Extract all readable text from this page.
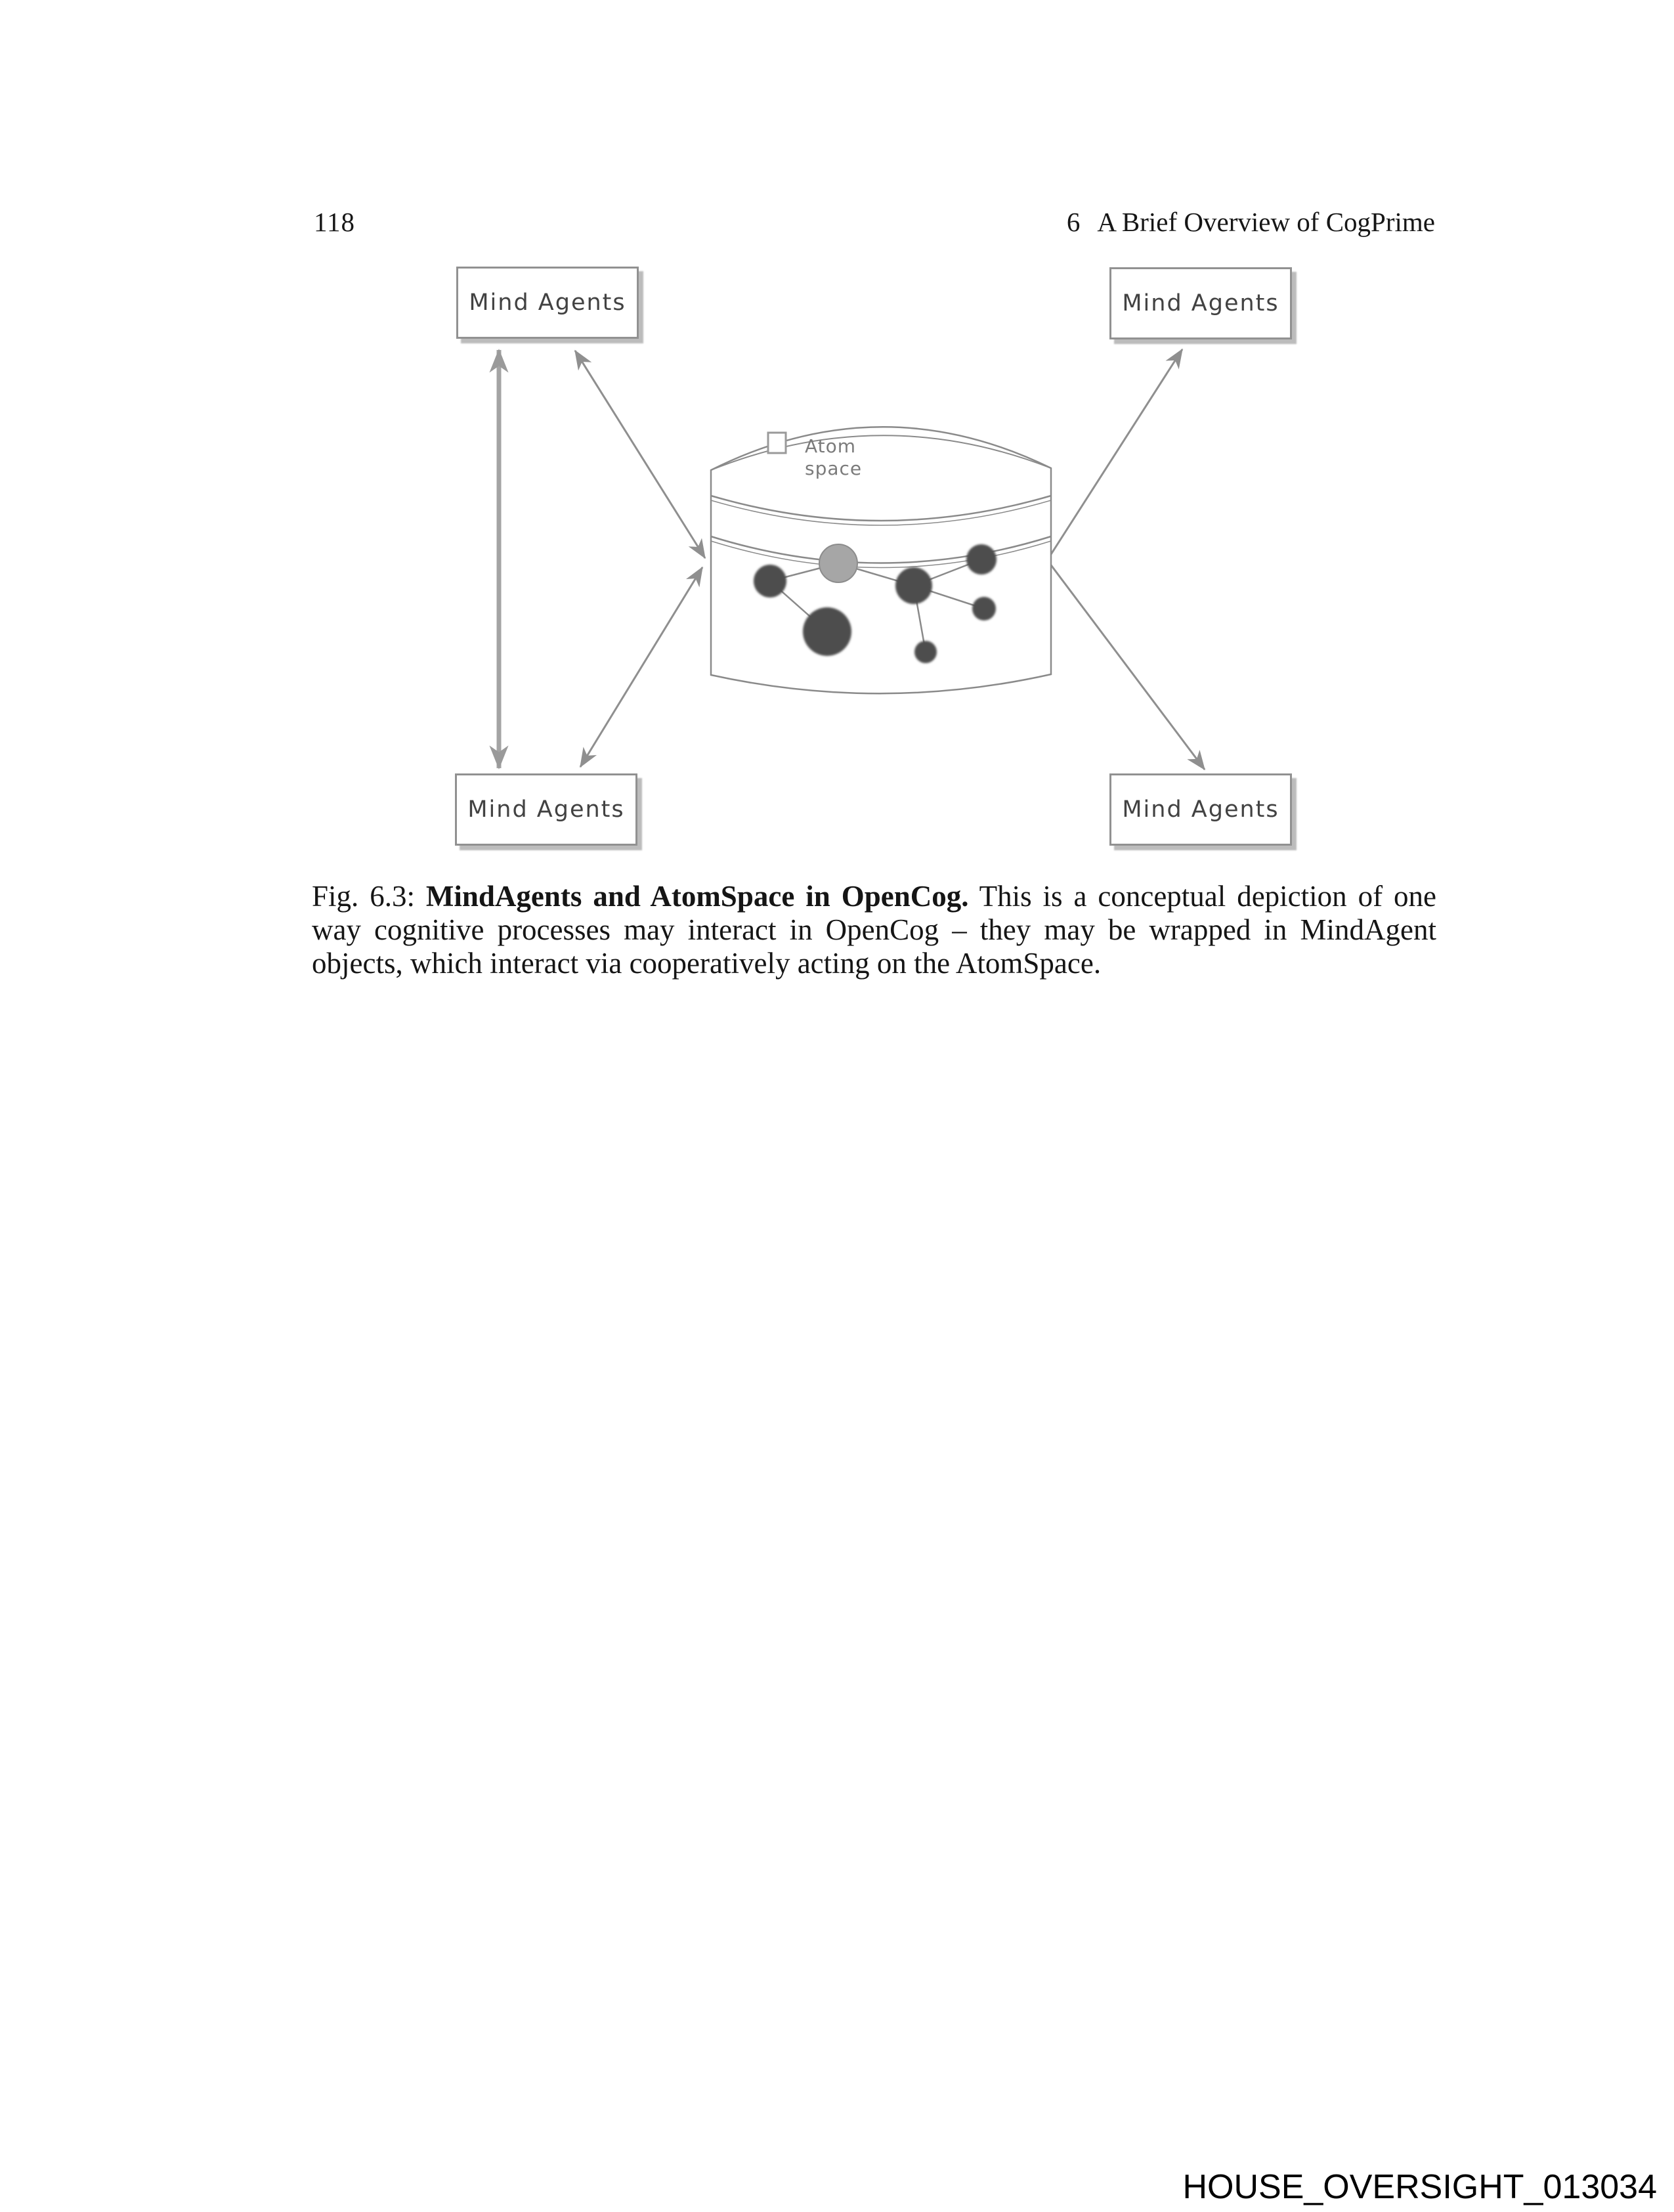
118	6 A Brief Overview of CogPrime
Mind Agents	Mind Agents
Mind Agents	Mind Agents
Atom
space
Fig. 6.3: MindAgents and AtomSpace in OpenCog. This is a conceptual depiction of one way cognitive processes may interact in OpenCog – they may be wrapped in MindAgent objects, which interact via cooperatively acting on the AtomSpace.
HOUSE_OVERSIGHT_013034
